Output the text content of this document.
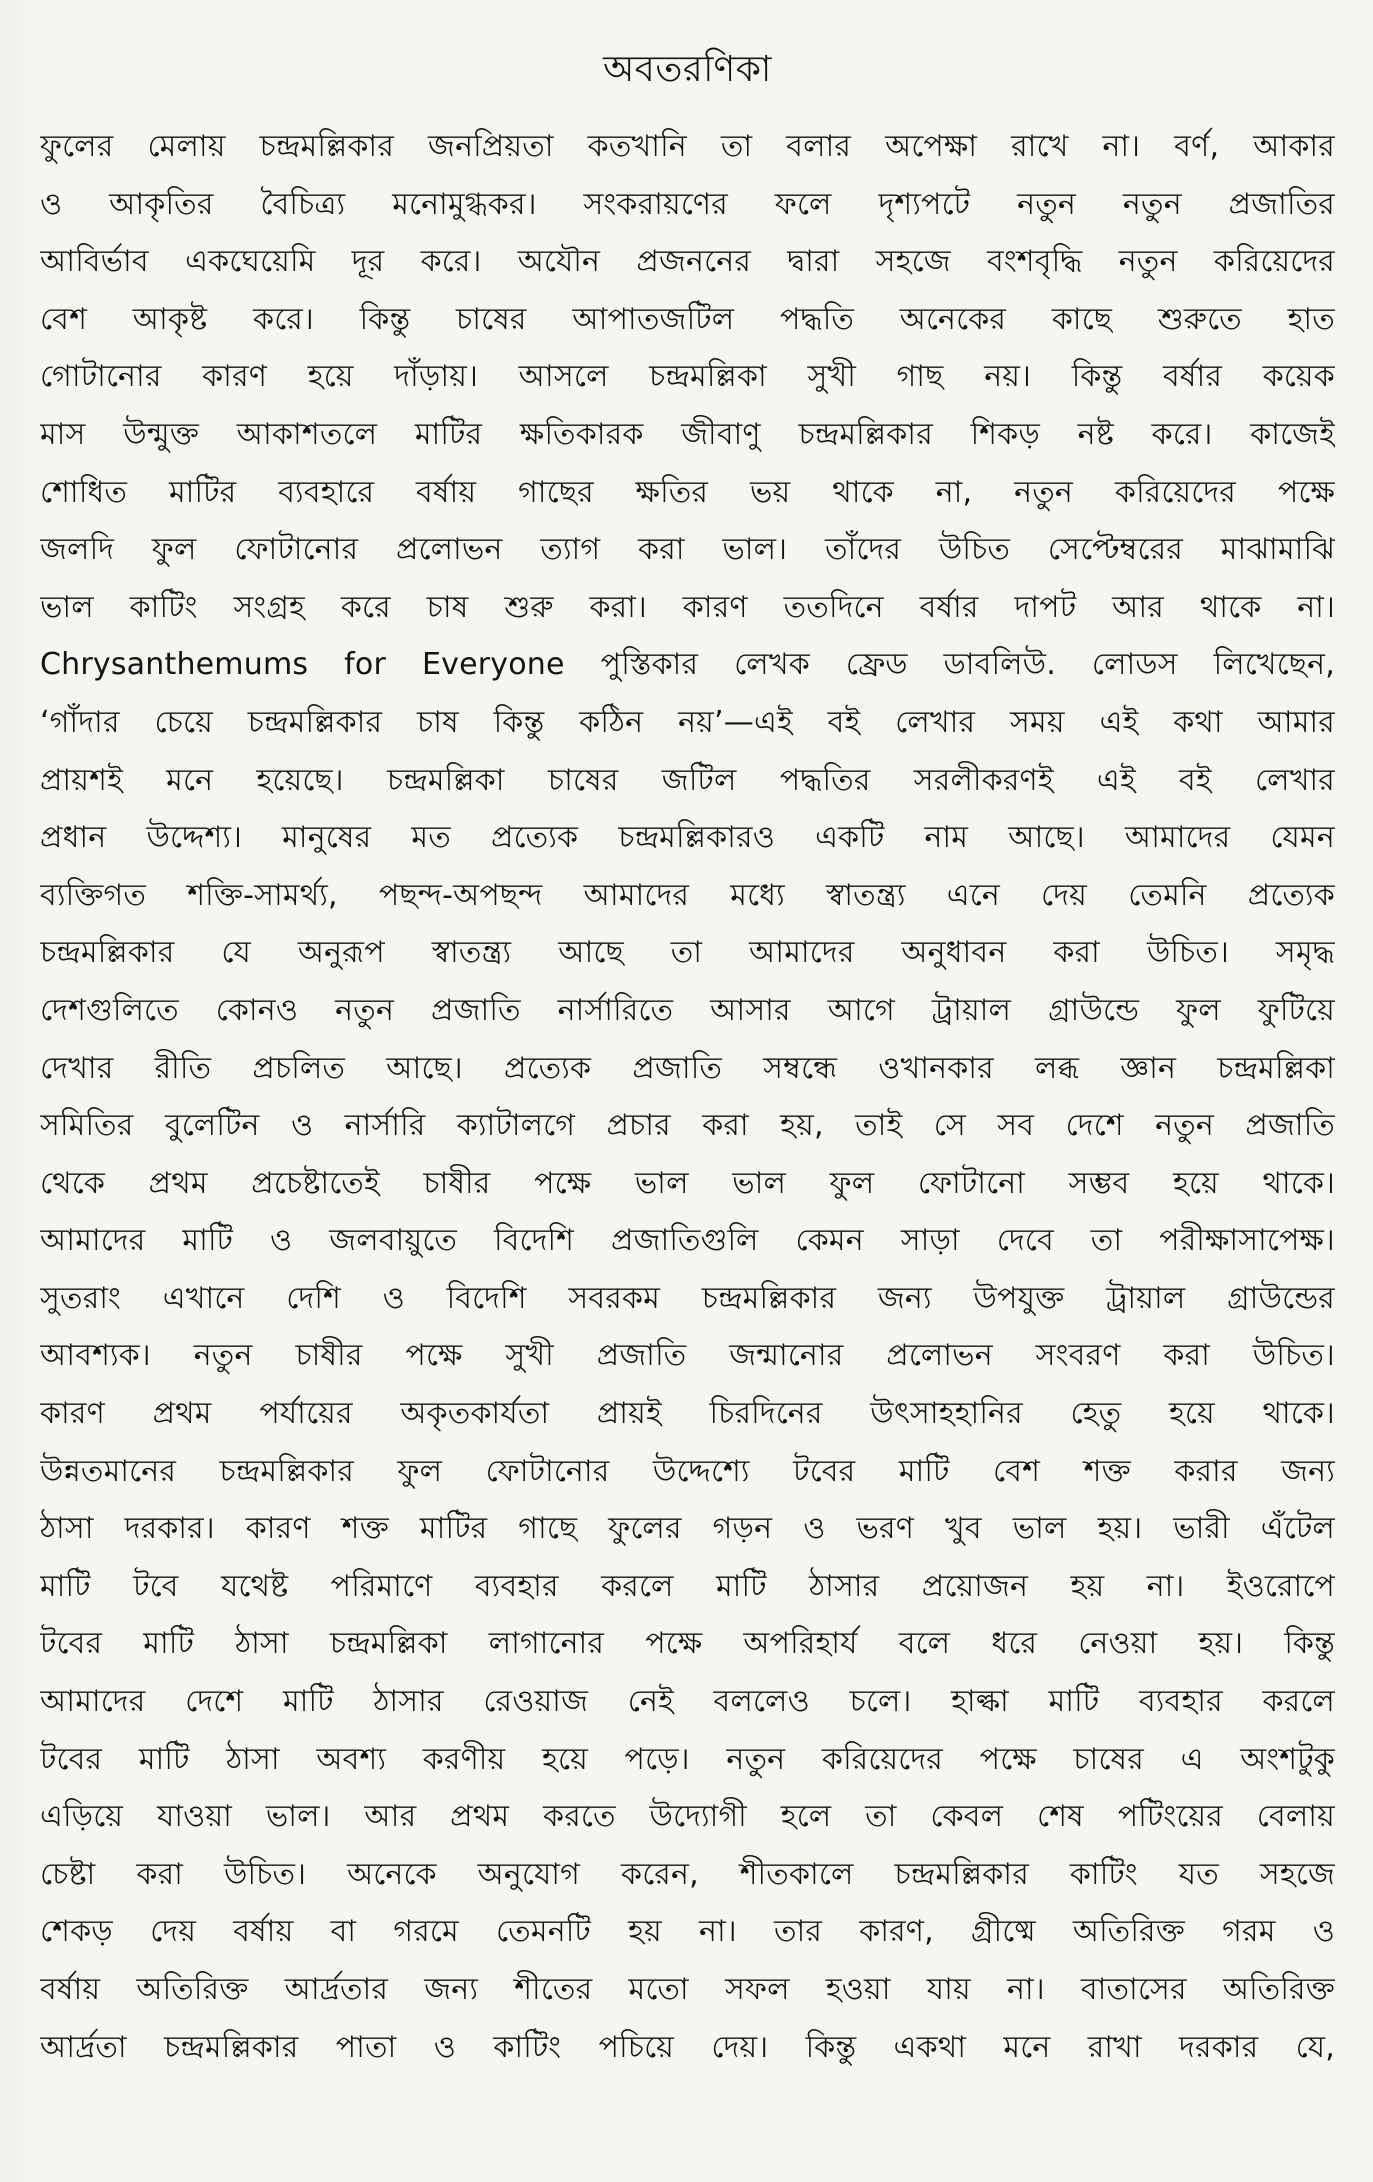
অবতরণিকা
ফুলের মেলায় চন্দ্রমল্লিকার জনপ্রিয়তা কতখানি তা বলার অপেক্ষা রাখে না। বর্ণ, আকার
ও আকৃতির বৈচিত্র্য মনোমুগ্ধকর। সংকরায়ণের ফলে দৃশ্যপটে নতুন নতুন প্রজাতির
আবির্ভাব একঘেয়েমি দূর করে। অযৌন প্রজননের দ্বারা সহজে বংশবৃদ্ধি নতুন করিয়েদের
বেশ আকৃষ্ট করে। কিন্তু চাষের আপাতজটিল পদ্ধতি অনেকের কাছে শুরুতে হাত
গোটানোর কারণ হয়ে দাঁড়ায়। আসলে চন্দ্রমল্লিকা সুখী গাছ নয়। কিন্তু বর্ষার কয়েক
মাস উন্মুক্ত আকাশতলে মাটির ক্ষতিকারক জীবাণু চন্দ্রমল্লিকার শিকড় নষ্ট করে। কাজেই
শোধিত মাটির ব্যবহারে বর্ষায় গাছের ক্ষতির ভয় থাকে না, নতুন করিয়েদের পক্ষে
জলদি ফুল ফোটানোর প্রলোভন ত্যাগ করা ভাল। তাঁদের উচিত সেপ্টেম্বরের মাঝামাঝি
ভাল কাটিং সংগ্রহ করে চাষ শুরু করা। কারণ ততদিনে বর্ষার দাপট আর থাকে না।
Chrysanthemums for Everyone পুস্তিকার লেখক ফ্রেড ডাবলিউ. লোডস লিখেছেন,
‘গাঁদার চেয়ে চন্দ্রমল্লিকার চাষ কিন্তু কঠিন নয়’—এই বই লেখার সময় এই কথা আমার
প্রায়শই মনে হয়েছে। চন্দ্রমল্লিকা চাষের জটিল পদ্ধতির সরলীকরণই এই বই লেখার
প্রধান উদ্দেশ্য। মানুষের মত প্রত্যেক চন্দ্রমল্লিকারও একটি নাম আছে। আমাদের যেমন
ব্যক্তিগত শক্তি-সামর্থ্য, পছন্দ-অপছন্দ আমাদের মধ্যে স্বাতন্ত্র্য এনে দেয় তেমনি প্রত্যেক
চন্দ্রমল্লিকার যে অনুরূপ স্বাতন্ত্র্য আছে তা আমাদের অনুধাবন করা উচিত। সমৃদ্ধ
দেশগুলিতে কোনও নতুন প্রজাতি নার্সারিতে আসার আগে ট্রায়াল গ্রাউন্ডে ফুল ফুটিয়ে
দেখার রীতি প্রচলিত আছে। প্রত্যেক প্রজাতি সম্বন্ধে ওখানকার লব্ধ জ্ঞান চন্দ্রমল্লিকা
সমিতির বুলেটিন ও নার্সারি ক্যাটালগে প্রচার করা হয়, তাই সে সব দেশে নতুন প্রজাতি
থেকে প্রথম প্রচেষ্টাতেই চাষীর পক্ষে ভাল ভাল ফুল ফোটানো সম্ভব হয়ে থাকে।
আমাদের মাটি ও জলবায়ুতে বিদেশি প্রজাতিগুলি কেমন সাড়া দেবে তা পরীক্ষাসাপেক্ষ।
সুতরাং এখানে দেশি ও বিদেশি সবরকম চন্দ্রমল্লিকার জন্য উপযুক্ত ট্রায়াল গ্রাউন্ডের
আবশ্যক। নতুন চাষীর পক্ষে সুখী প্রজাতি জন্মানোর প্রলোভন সংবরণ করা উচিত।
কারণ প্রথম পর্যায়ের অকৃতকার্যতা প্রায়ই চিরদিনের উৎসাহহানির হেতু হয়ে থাকে।
উন্নতমানের চন্দ্রমল্লিকার ফুল ফোটানোর উদ্দেশ্যে টবের মাটি বেশ শক্ত করার জন্য
ঠাসা দরকার। কারণ শক্ত মাটির গাছে ফুলের গড়ন ও ভরণ খুব ভাল হয়। ভারী এঁটেল
মাটি টবে যথেষ্ট পরিমাণে ব্যবহার করলে মাটি ঠাসার প্রয়োজন হয় না। ইওরোপে
টবের মাটি ঠাসা চন্দ্রমল্লিকা লাগানোর পক্ষে অপরিহার্য বলে ধরে নেওয়া হয়। কিন্তু
আমাদের দেশে মাটি ঠাসার রেওয়াজ নেই বললেও চলে। হাল্কা মাটি ব্যবহার করলে
টবের মাটি ঠাসা অবশ্য করণীয় হয়ে পড়ে। নতুন করিয়েদের পক্ষে চাষের এ অংশটুকু
এড়িয়ে যাওয়া ভাল। আর প্রথম করতে উদ্যোগী হলে তা কেবল শেষ পটিংয়ের বেলায়
চেষ্টা করা উচিত। অনেকে অনুযোগ করেন, শীতকালে চন্দ্রমল্লিকার কাটিং যত সহজে
শেকড় দেয় বর্ষায় বা গরমে তেমনটি হয় না। তার কারণ, গ্রীষ্মে অতিরিক্ত গরম ও
বর্ষায় অতিরিক্ত আর্দ্রতার জন্য শীতের মতো সফল হওয়া যায় না। বাতাসের অতিরিক্ত
আর্দ্রতা চন্দ্রমল্লিকার পাতা ও কাটিং পচিয়ে দেয়। কিন্তু একথা মনে রাখা দরকার যে,
